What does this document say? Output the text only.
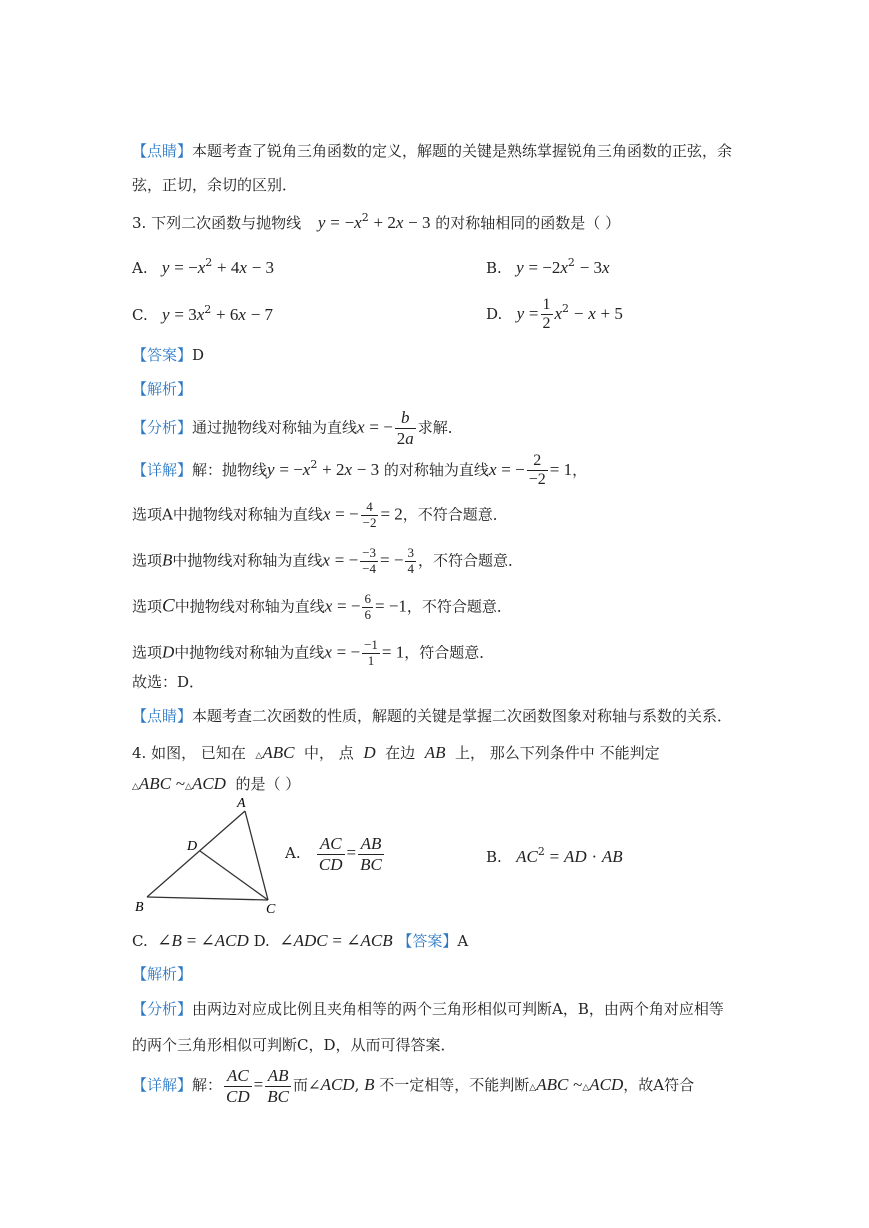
【点睛】本题考查了锐角三角函数的定义，解题的关键是熟练掌握锐角三角函数的正弦，余
弦，正切，余切的区别．
3. 下列二次函数与抛物线 $y = -x^2 + 2x - 3$ 的对称轴相同的函数是（ ）
A. $y = -x^2 + 4x - 3$	B. $y = -2x^2 - 3x$
C. $y = 3x^2 + 6x - 7$	D. $y = \frac{1}{2} x^2 - x + 5$
【答案】D
【解析】
【分析】通过抛物线对称轴为直线x = − $\frac{b}{2a}$ 求解．
【详解】解：抛物线$y = -x^2 + 2x - 3$ 的对称轴为直线x = − $\frac{2}{-2} = 1$，
选项A中抛物线对称轴为直线x = − $\frac{4}{-2} = 2$，不符合题意．
选项B中抛物线对称轴为直线x = − $\frac{-3}{-4}$ = − $\frac{3}{4}$ ，不符合题意．
选项C中抛物线对称轴为直线x = − $\frac{6}{6} = -1$，不符合题意．
选项D中抛物线对称轴为直线x = − $\frac{-1}{1} = 1$，符合题意．
故选：D．
【点睛】本题考查二次函数的性质，解题的关键是掌握二次函数图象对称轴与系数的关系．
4. 如图， 已知在 △ABC 中， 点 D 在边 AB 上， 那么下列条件中 不能判定
△ABC ~△ACD 的是（ ）
A
D
B	C
A. $\frac{AC}{CD} = \frac{AB}{BC}$	B. $AC^2$ = AD · AB
C. ∠B = ∠ACD D. ∠ADC = ∠ACB 【答案】A
【解析】
【分析】由两边对应成比例且夹角相等的两个三角形相似可判断A，B，由两个角对应相等
的两个三角形相似可判断C，D，从而可得答案．
【详解】解： $\frac{AC}{CD} = \frac{AB}{BC}$ 而∠ACD, B 不一定相等，不能判断△ABC ~△ACD，故A符合
